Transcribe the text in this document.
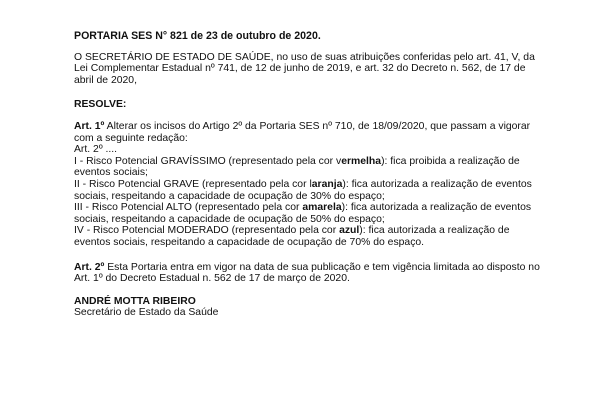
PORTARIA SES N° 821 de 23 de outubro de 2020.

O SECRETÁRIO DE ESTADO DE SAÚDE, no uso de suas atribuições conferidas pelo art. 41, V, da Lei Complementar Estadual nº 741, de 12 de junho de 2019, e art. 32 do Decreto n. 562, de 17 de abril de 2020,

RESOLVE:

Art. 1º Alterar os incisos do Artigo 2º da Portaria SES nº 710, de 18/09/2020, que passam a vigorar com a seguinte redação:

Art. 2º ....

I - Risco Potencial GRAVÍSSIMO (representado pela cor vermelha): fica proibida a realização de eventos sociais;

II - Risco Potencial GRAVE (representado pela cor laranja): fica autorizada a realização de eventos sociais, respeitando a capacidade de ocupação de 30% do espaço;

III - Risco Potencial ALTO (representado pela cor amarela): fica autorizada a realização de eventos sociais, respeitando a capacidade de ocupação de 50% do espaço;

IV - Risco Potencial MODERADO (representado pela cor azul): fica autorizada a realização de eventos sociais, respeitando a capacidade de ocupação de 70% do espaço.

Art. 2º Esta Portaria entra em vigor na data de sua publicação e tem vigência limitada ao disposto no Art. 1º do Decreto Estadual n. 562 de 17 de março de 2020.

ANDRÉ MOTTA RIBEIRO

Secretário de Estado da Saúde
